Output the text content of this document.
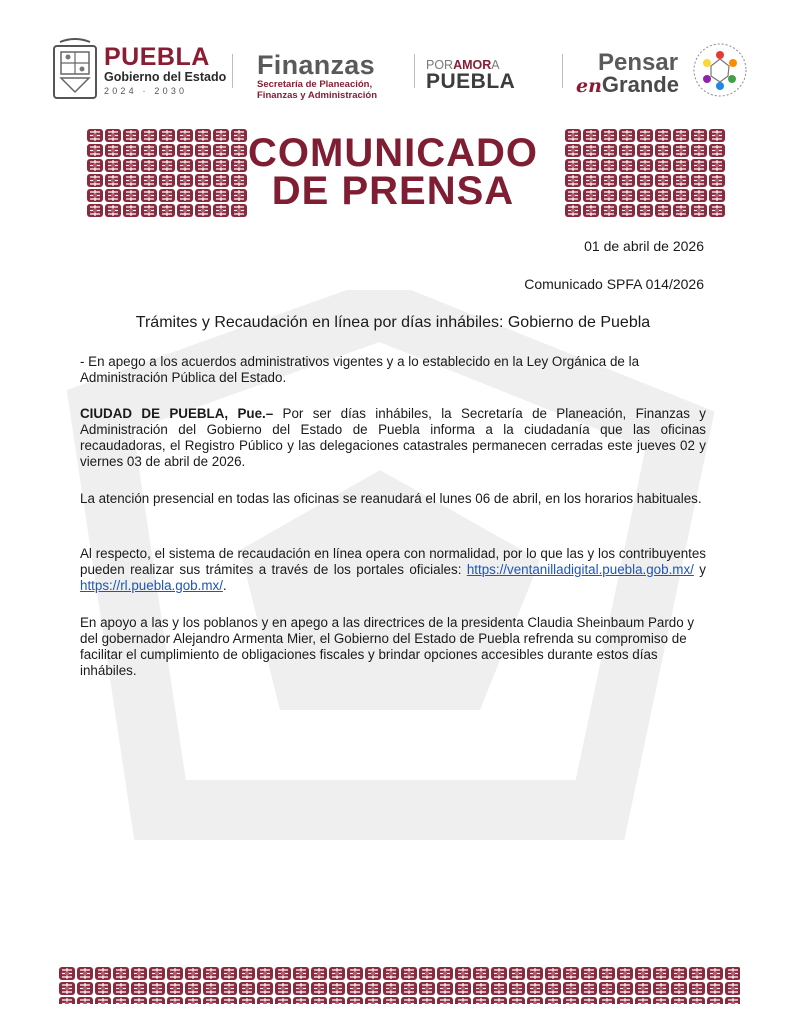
PUEBLA
Gobierno del Estado
2024 · 2030
Finanzas
Secretaría de Planeación,
Finanzas y Administración
PORAMORA
PUEBLA
Pensar
enGrande
COMUNICADO
DE PRENSA
01 de abril de 2026
Comunicado SPFA 014/2026
Trámites y Recaudación en línea por días inhábiles: Gobierno de Puebla

- En apego a los acuerdos administrativos vigentes y a lo establecido en la Ley Orgánica de la Administración Pública del Estado.

CIUDAD DE PUEBLA, Pue.– Por ser días inhábiles, la Secretaría de Planeación, Finanzas y Administración del Gobierno del Estado de Puebla informa a la ciudadanía que las oficinas recaudadoras, el Registro Público y las delegaciones catastrales permanecen cerradas este jueves 02 y viernes 03 de abril de 2026.

La atención presencial en todas las oficinas se reanudará el lunes 06 de abril, en los horarios habituales.

Al respecto, el sistema de recaudación en línea opera con normalidad, por lo que las y los contribuyentes pueden realizar sus trámites a través de los portales oficiales: https://ventanilladigital.puebla.gob.mx/ y https://rl.puebla.gob.mx/.

En apoyo a las y los poblanos y en apego a las directrices de la presidenta Claudia Sheinbaum Pardo y del gobernador Alejandro Armenta Mier, el Gobierno del Estado de Puebla refrenda su compromiso de facilitar el cumplimiento de obligaciones fiscales y brindar opciones accesibles durante estos días inhábiles.
